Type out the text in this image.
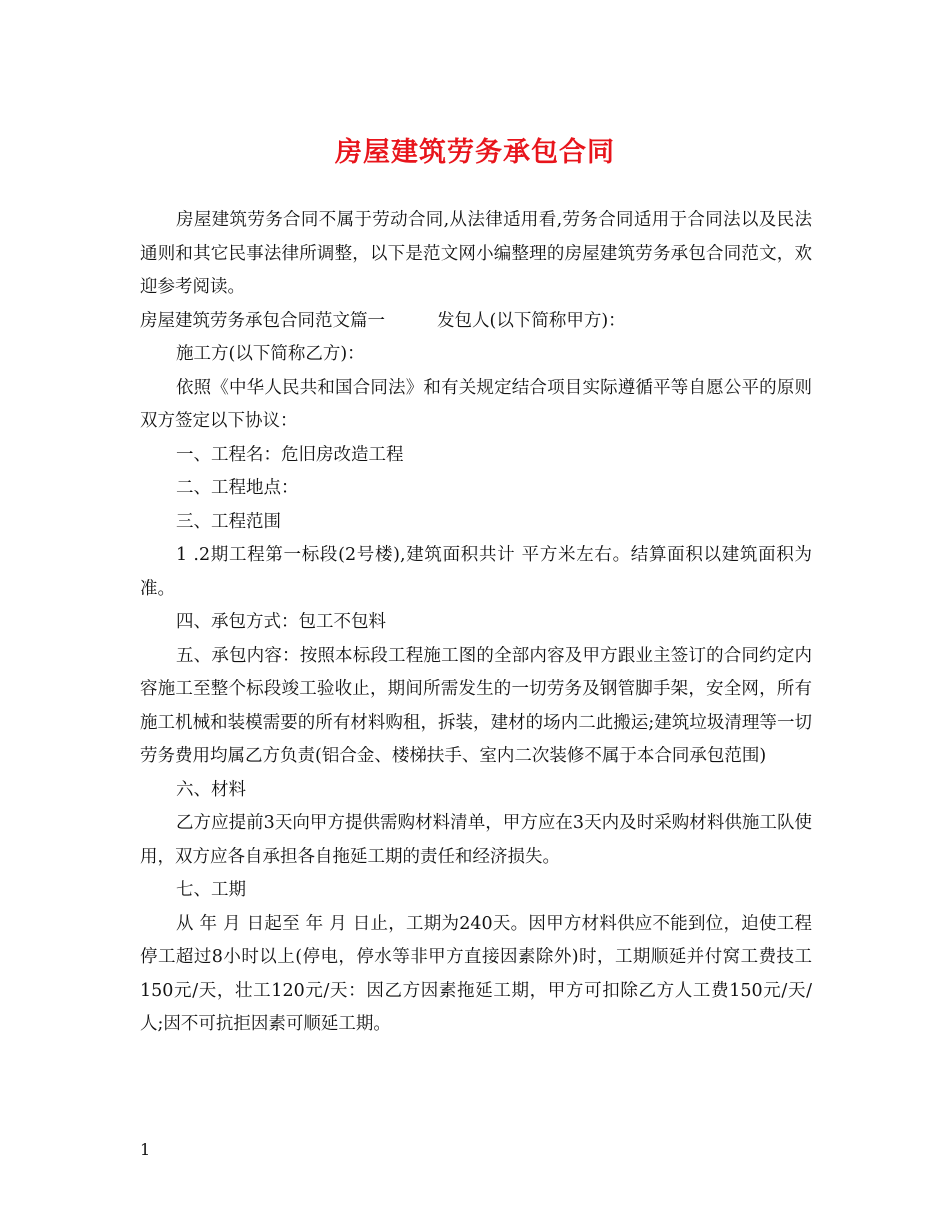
房屋建筑劳务承包合同

房屋建筑劳务合同不属于劳动合同,从法律适用看,劳务合同适用于合同法以及民法通则和其它民事法律所调整，以下是范文网小编整理的房屋建筑劳务承包合同范文，欢迎参考阅读。

房屋建筑劳务承包合同范文篇一	发包人(以下简称甲方)：

施工方(以下简称乙方)：

依照《中华人民共和国合同法》和有关规定结合项目实际遵循平等自愿公平的原则双方签定以下协议：

一、工程名：危旧房改造工程

二、工程地点：

三、工程范围

1 .2期工程第一标段(2号楼),建筑面积共计 平方米左右。结算面积以建筑面积为准。

四、承包方式：包工不包料

五、承包内容：按照本标段工程施工图的全部内容及甲方跟业主签订的合同约定内容施工至整个标段竣工验收止，期间所需发生的一切劳务及钢管脚手架，安全网，所有施工机械和装模需要的所有材料购租，拆装，建材的场内二此搬运;建筑垃圾清理等一切劳务费用均属乙方负责(铝合金、楼梯扶手、室内二次装修不属于本合同承包范围)

六、材料

乙方应提前3天向甲方提供需购材料清单，甲方应在3天内及时采购材料供施工队使用，双方应各自承担各自拖延工期的责任和经济损失。

七、工期

从 年 月 日起至 年 月 日止，工期为240天。因甲方材料供应不能到位，迫使工程停工超过8小时以上(停电，停水等非甲方直接因素除外)时，工期顺延并付窝工费技工150元/天，壮工120元/天：因乙方因素拖延工期，甲方可扣除乙方人工费150元/天/人;因不可抗拒因素可顺延工期。

1
